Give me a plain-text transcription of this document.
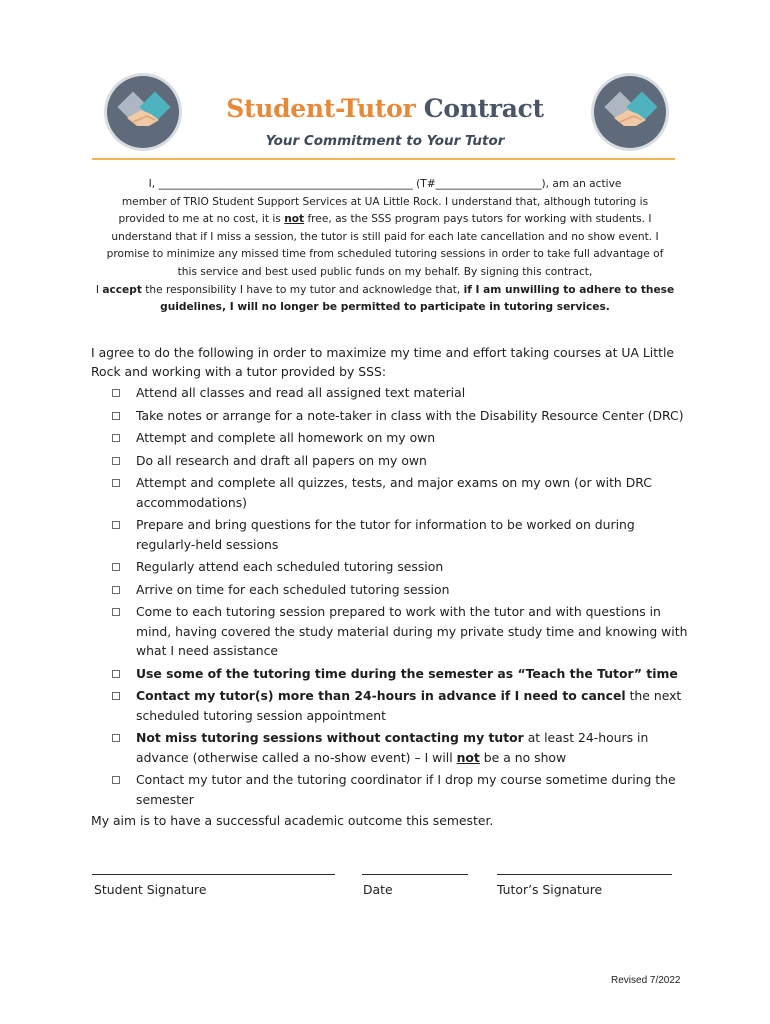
Student-Tutor Contract
Your Commitment to Your Tutor
I, ________________________________________________ (T#____________________), am an active
member of TRIO Student Support Services at UA Little Rock. I understand that, although tutoring is
provided to me at no cost, it is not free, as the SSS program pays tutors for working with students. I
understand that if I miss a session, the tutor is still paid for each late cancellation and no show event. I
promise to minimize any missed time from scheduled tutoring sessions in order to take full advantage of
this service and best used public funds on my behalf. By signing this contract,
I accept the responsibility I have to my tutor and acknowledge that, if I am unwilling to adhere to these
guidelines, I will no longer be permitted to participate in tutoring services.
I agree to do the following in order to maximize my time and effort taking courses at UA Little Rock and working with a tutor provided by SSS:
Attend all classes and read all assigned text material
Take notes or arrange for a note-taker in class with the Disability Resource Center (DRC)
Attempt and complete all homework on my own
Do all research and draft all papers on my own
Attempt and complete all quizzes, tests, and major exams on my own (or with DRC accommodations)
Prepare and bring questions for the tutor for information to be worked on during regularly-held sessions
Regularly attend each scheduled tutoring session
Arrive on time for each scheduled tutoring session
Come to each tutoring session prepared to work with the tutor and with questions in mind, having covered the study material during my private study time and knowing with what I need assistance
Use some of the tutoring time during the semester as “Teach the Tutor” time
Contact my tutor(s) more than 24-hours in advance if I need to cancel the next scheduled tutoring session appointment
Not miss tutoring sessions without contacting my tutor at least 24-hours in advance (otherwise called a no-show event) – I will not be a no show
Contact my tutor and the tutoring coordinator if I drop my course sometime during the semester
My aim is to have a successful academic outcome this semester.
Student Signature	Date	Tutor’s Signature
Revised 7/2022
